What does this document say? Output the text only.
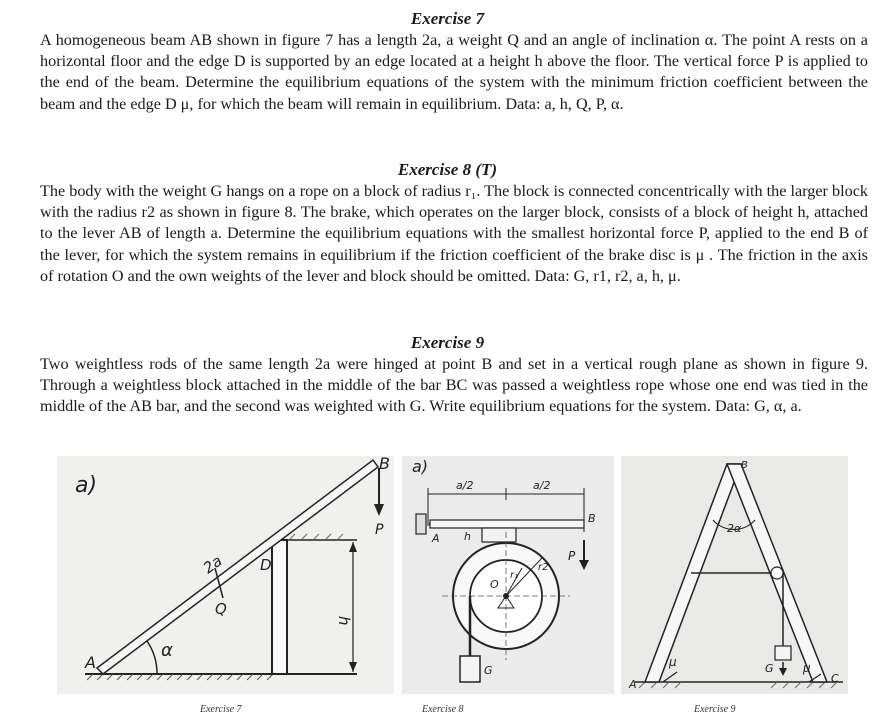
Exercise 7

A homogeneous beam AB shown in figure 7 has a length 2a, a weight Q and an angle of inclination α. The point A rests on a horizontal floor and the edge D is supported by an edge located at a height h above the floor. The vertical force P is applied to the end of the beam. Determine the equilibrium equations of the system with the minimum friction coefficient between the beam and the edge D μ, for which the beam will remain in equilibrium. Data: a, h, Q, P, α.

Exercise 8 (T)

The body with the weight G hangs on a rope on a block of radius r₁. The block is connected concentrically with the larger block with the radius r2 as shown in figure 8. The brake, which operates on the larger block, consists of a block of height h, attached to the lever AB of length a. Determine the equilibrium equations with the smallest horizontal force P, applied to the end B of the lever, for which the system remains in equilibrium if the friction coefficient of the brake disc is μ . The friction in the axis of rotation O and the own weights of the lever and block should be omitted. Data: G, r1, r2, a, h, μ.

Exercise 9

Two weightless rods of the same length 2a were hinged at point B and set in a vertical rough plane as shown in figure 9. Through a weightless block attached in the middle of the bar BC was passed a weightless rope whose one end was tied in the middle of the AB bar, and the second was weighted with G. Write equilibrium equations for the system. Data: G, α, a.

a)
B
P
D
2a
Q
h
A
α
Exercise 7
a)
a/2	a/2
A h
B
P
O
r₁
r2
G
Exercise 8
B
2α
μ	μ
G
A	C
Exercise 9
